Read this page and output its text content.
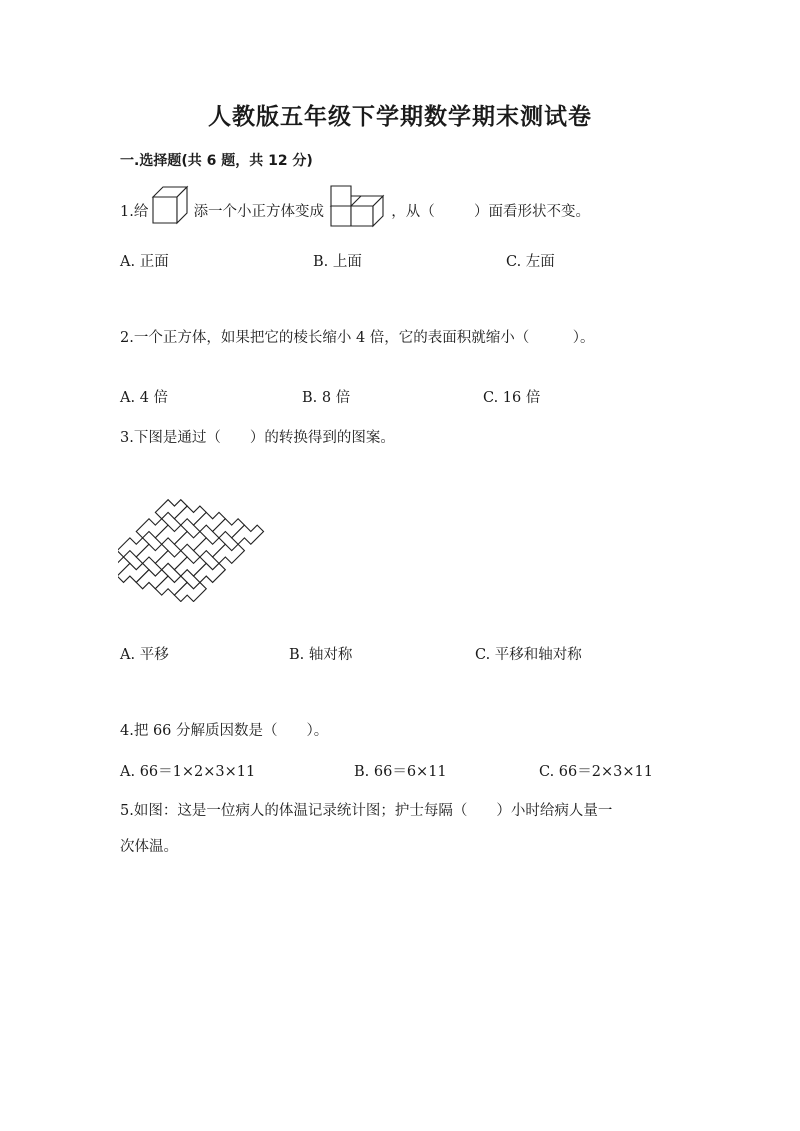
人教版五年级下学期数学期末测试卷
一.选择题(共 6 题，共 12 分)
1.给	添一个小正方体变成	，从（	）面看形状不变。
A. 正面	B. 上面	C. 左面
2.一个正方体，如果把它的棱长缩小 4 倍，它的表面积就缩小（　　　）。
A. 4 倍	B. 8 倍	C. 16 倍
3.下图是通过（　　）的转换得到的图案。
A. 平移	B. 轴对称	C. 平移和轴对称
4.把 66 分解质因数是（　　）。
A. 66＝1×2×3×11	B. 66＝6×11	C. 66＝2×3×11
5.如图：这是一位病人的体温记录统计图；护士每隔（　　）小时给病人量一
次体温。
